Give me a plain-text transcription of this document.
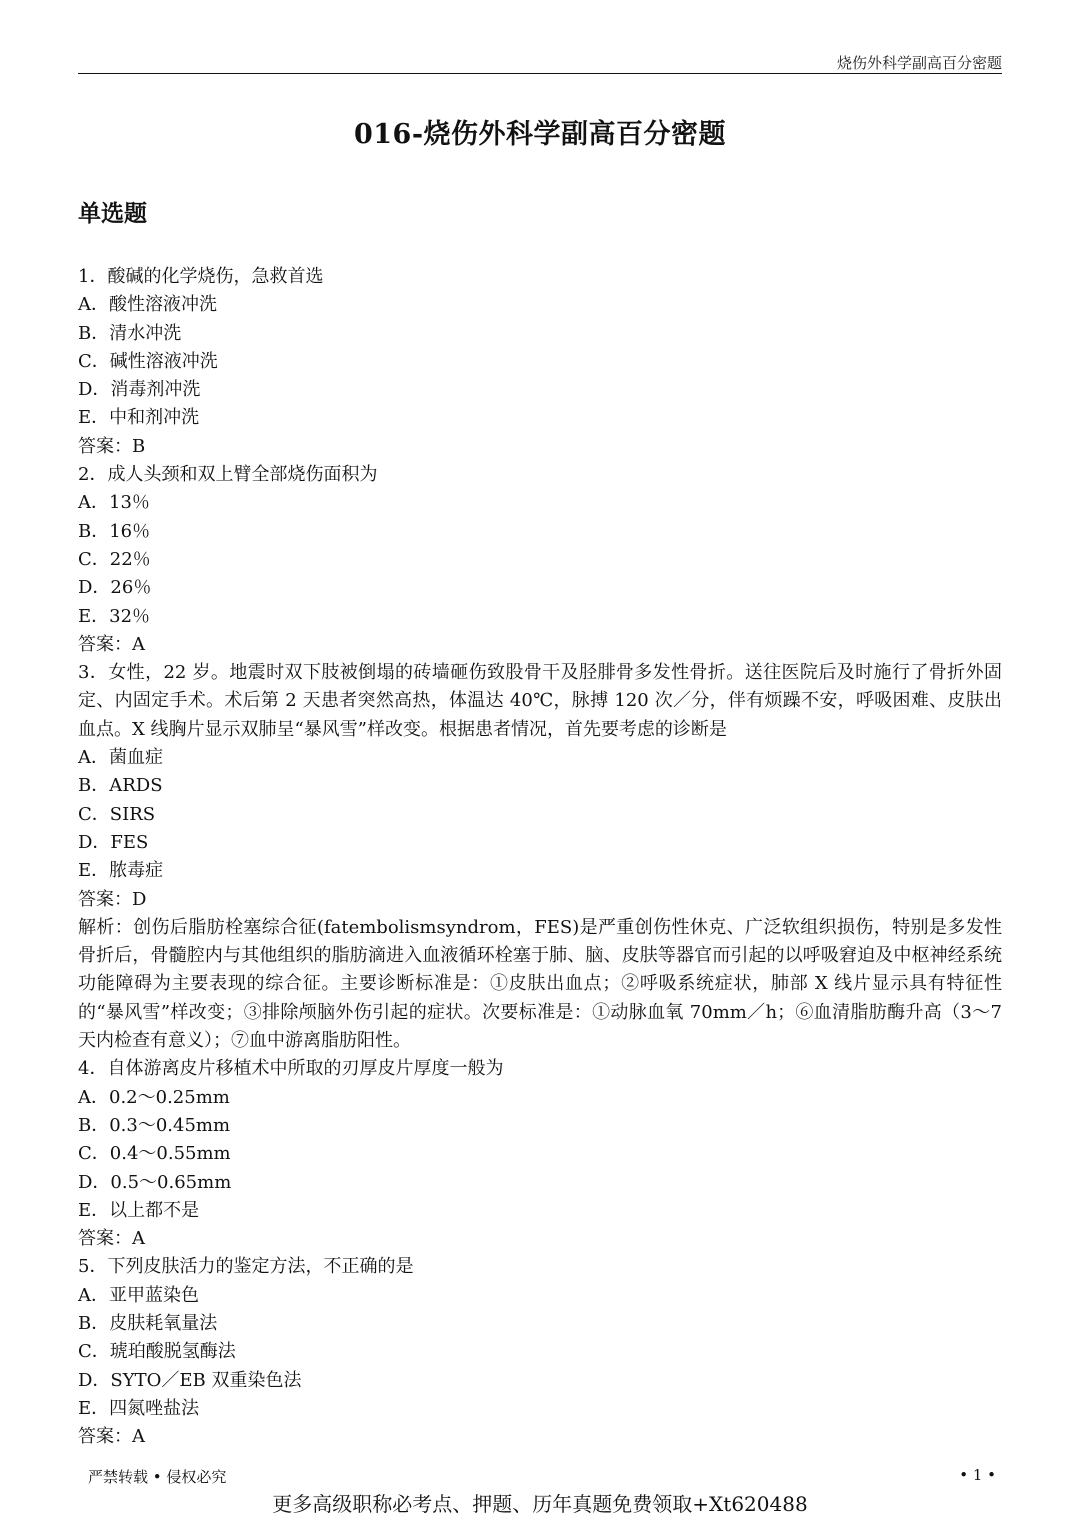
烧伤外科学副高百分密题
016-烧伤外科学副高百分密题
单选题
1．酸碱的化学烧伤，急救首选
A．酸性溶液冲洗
B．清水冲洗
C．碱性溶液冲洗
D．消毒剂冲洗
E．中和剂冲洗
答案：B
2．成人头颈和双上臂全部烧伤面积为
A．13％
B．16％
C．22％
D．26％
E．32％
答案：A
3．女性，22 岁。地震时双下肢被倒塌的砖墙砸伤致股骨干及胫腓骨多发性骨折。送往医院后及时施行了骨折外固定、内固定手术。术后第 2 天患者突然高热，体温达 40℃，脉搏 120 次／分，伴有烦躁不安，呼吸困难、皮肤出血点。X 线胸片显示双肺呈“暴风雪”样改变。根据患者情况，首先要考虑的诊断是
A．菌血症
B．ARDS
C．SIRS
D．FES
E．脓毒症
答案：D
解析：创伤后脂肪栓塞综合征(fatembolismsyndrom，FES)是严重创伤性休克、广泛软组织损伤，特别是多发性骨折后，骨髓腔内与其他组织的脂肪滴进入血液循环栓塞于肺、脑、皮肤等器官而引起的以呼吸窘迫及中枢神经系统功能障碍为主要表现的综合征。主要诊断标准是：①皮肤出血点；②呼吸系统症状，肺部 X 线片显示具有特征性的“暴风雪”样改变；③排除颅脑外伤引起的症状。次要标准是：①动脉血氧 70mm／h；⑥血清脂肪酶升高（3～7 天内检查有意义）；⑦血中游离脂肪阳性。
4．自体游离皮片移植术中所取的刃厚皮片厚度一般为
A．0.2～0.25mm
B．0.3～0.45mm
C．0.4～0.55mm
D．0.5～0.65mm
E．以上都不是
答案：A
5．下列皮肤活力的鉴定方法，不正确的是
A．亚甲蓝染色
B．皮肤耗氧量法
C．琥珀酸脱氢酶法
D．SYTO／EB 双重染色法
E．四氮唑盐法
答案：A
严禁转载 • 侵权必究	• 1 •
更多高级职称必考点、押题、历年真题免费领取+Xt620488
